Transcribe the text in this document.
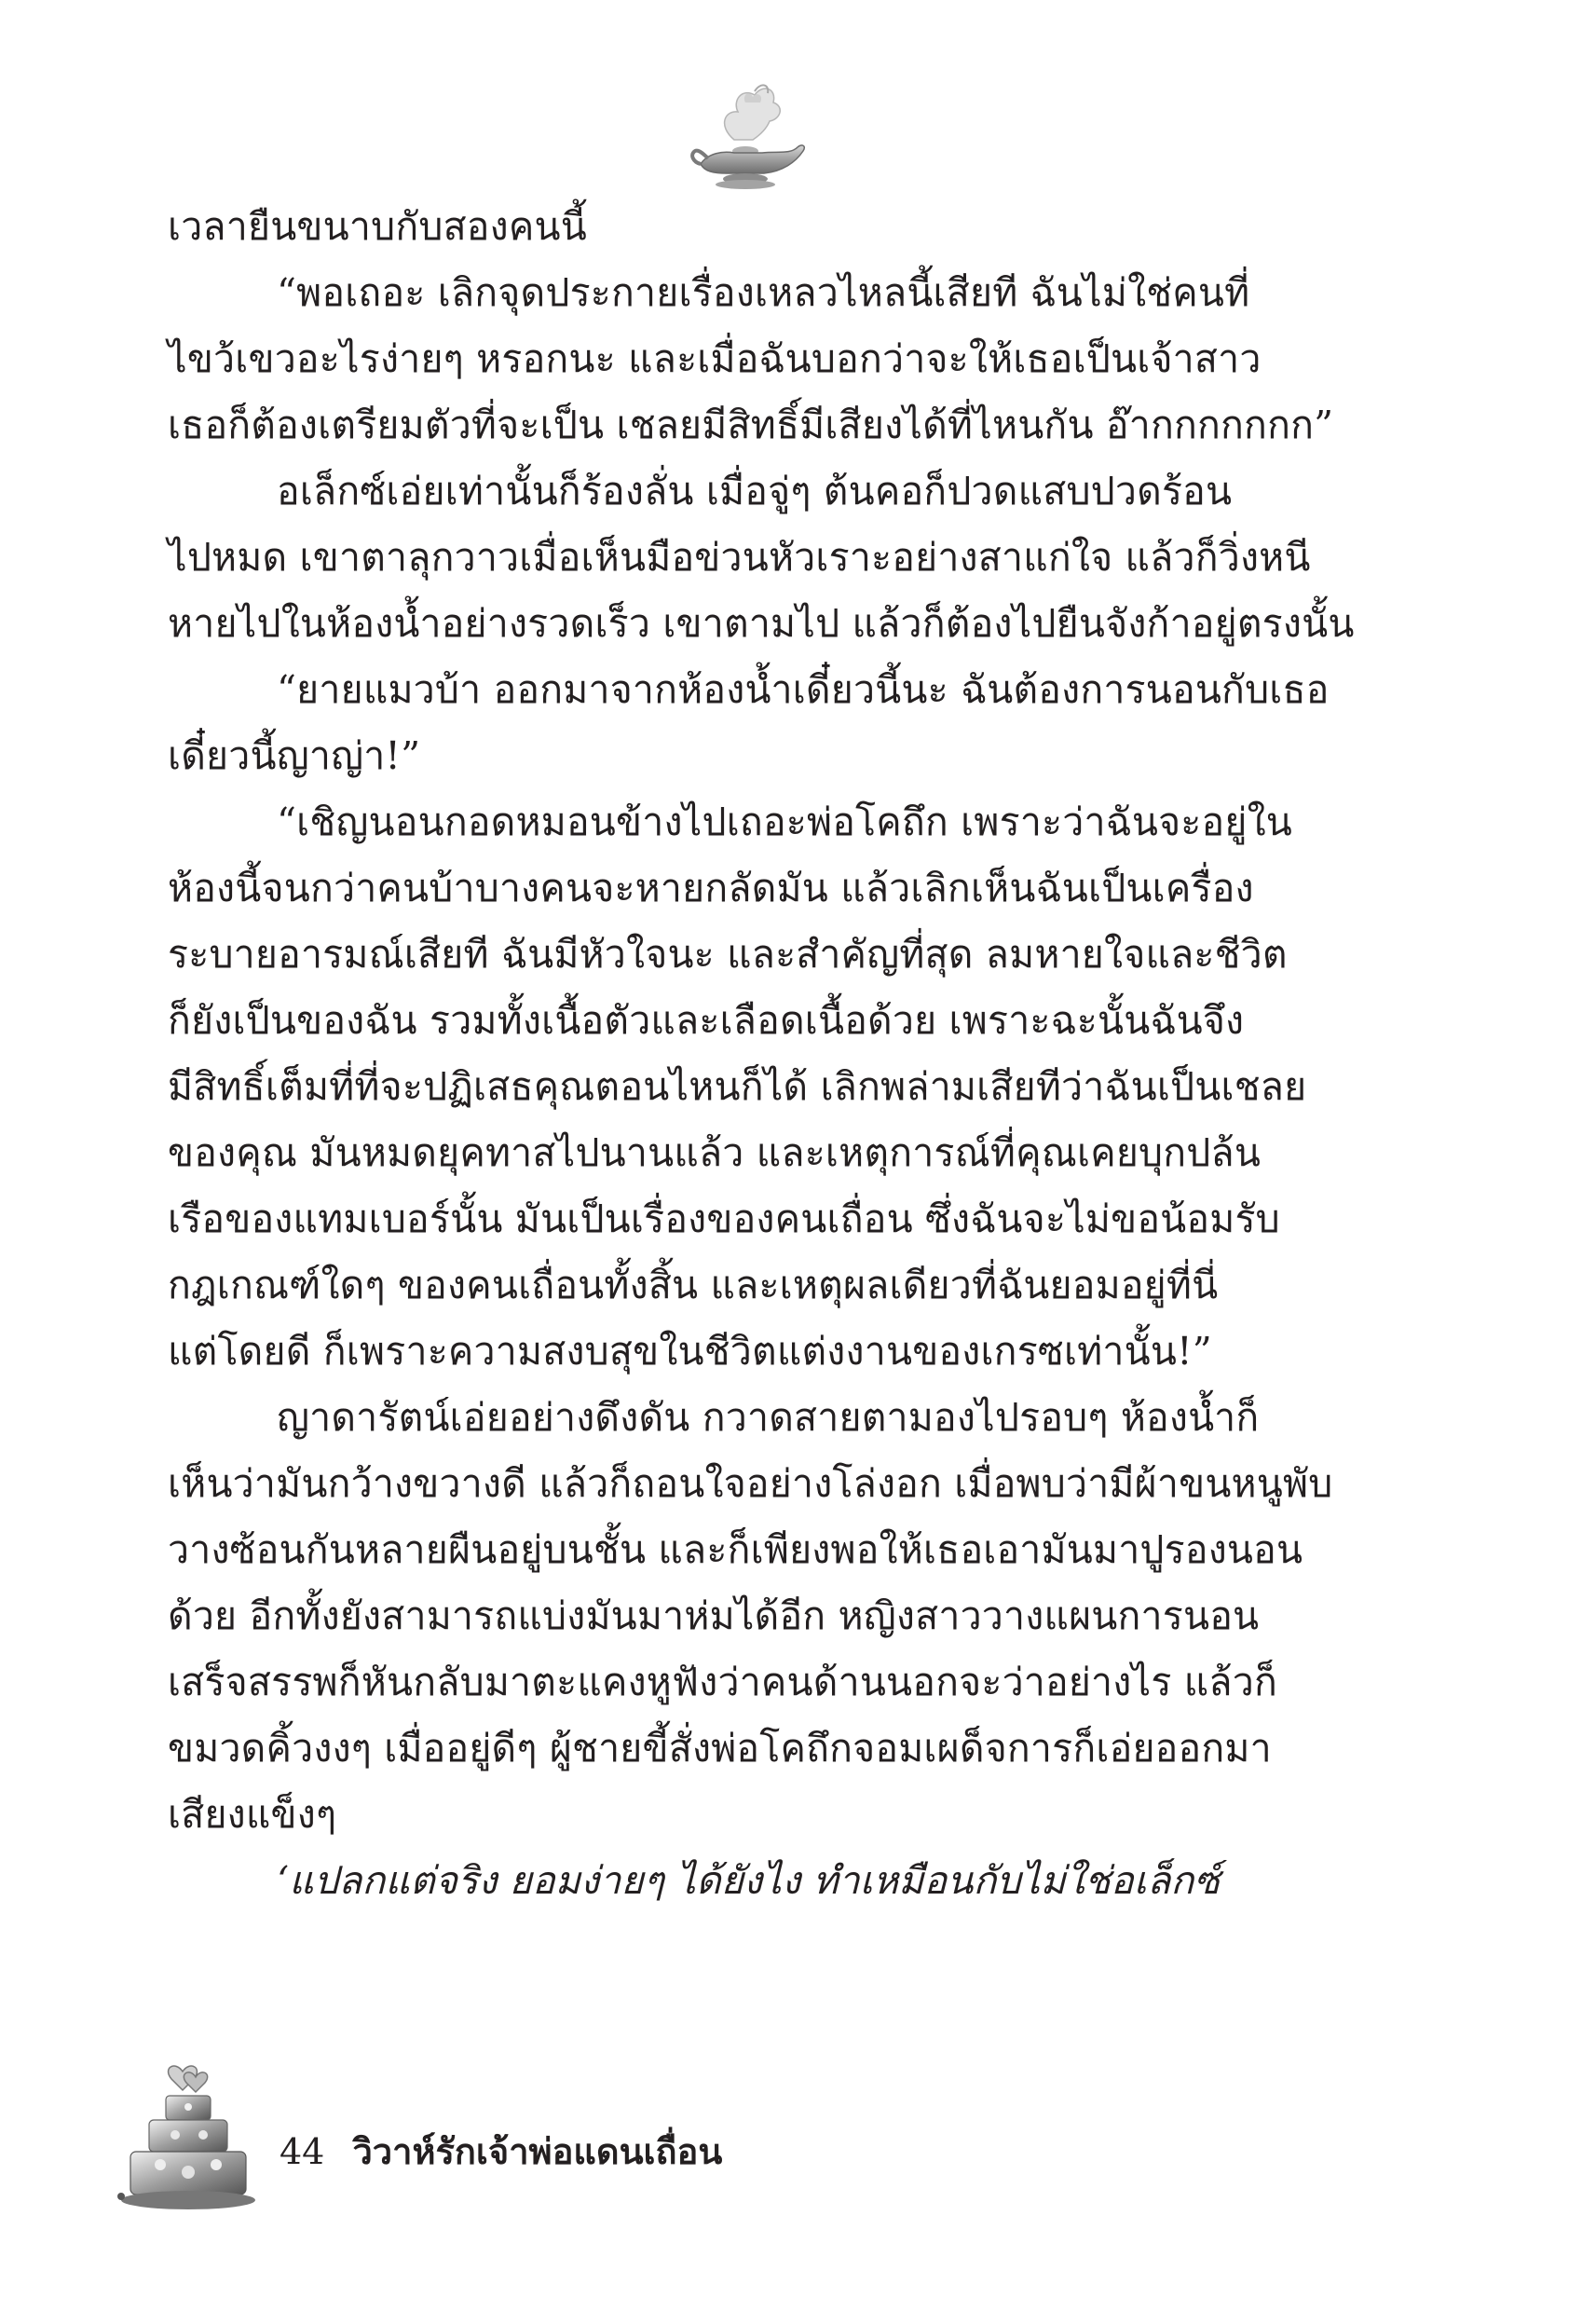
เวลายืนขนาบกับสองคนนี้
“พอเถอะ เลิกจุดประกายเรื่องเหลวไหลนี้เสียที ฉันไม่ใช่คนที่
ไขว้เขวอะไรง่ายๆ หรอกนะ และเมื่อฉันบอกว่าจะให้เธอเป็นเจ้าสาว
เธอก็ต้องเตรียมตัวที่จะเป็น เชลยมีสิทธิ์มีเสียงได้ที่ไหนกัน อ๊ากกกกกกก”
อเล็กซ์เอ่ยเท่านั้นก็ร้องลั่น เมื่อจู่ๆ ต้นคอก็ปวดแสบปวดร้อน
ไปหมด เขาตาลุกวาวเมื่อเห็นมือข่วนหัวเราะอย่างสาแก่ใจ แล้วก็วิ่งหนี
หายไปในห้องน้ำอย่างรวดเร็ว เขาตามไป แล้วก็ต้องไปยืนจังก้าอยู่ตรงนั้น
“ยายแมวบ้า ออกมาจากห้องน้ำเดี๋ยวนี้นะ ฉันต้องการนอนกับเธอ
เดี๋ยวนี้ญาญ่า!”
“เชิญนอนกอดหมอนข้างไปเถอะพ่อโคถึก เพราะว่าฉันจะอยู่ใน
ห้องนี้จนกว่าคนบ้าบางคนจะหายกลัดมัน แล้วเลิกเห็นฉันเป็นเครื่อง
ระบายอารมณ์เสียที ฉันมีหัวใจนะ และสำคัญที่สุด ลมหายใจและชีวิต
ก็ยังเป็นของฉัน รวมทั้งเนื้อตัวและเลือดเนื้อด้วย เพราะฉะนั้นฉันจึง
มีสิทธิ์เต็มที่ที่จะปฏิเสธคุณตอนไหนก็ได้ เลิกพล่ามเสียทีว่าฉันเป็นเชลย
ของคุณ มันหมดยุคทาสไปนานแล้ว และเหตุการณ์ที่คุณเคยบุกปล้น
เรือของแทมเบอร์นั้น มันเป็นเรื่องของคนเถื่อน ซึ่งฉันจะไม่ขอน้อมรับ
กฎเกณฑ์ใดๆ ของคนเถื่อนทั้งสิ้น และเหตุผลเดียวที่ฉันยอมอยู่ที่นี่
แต่โดยดี ก็เพราะความสงบสุขในชีวิตแต่งงานของเกรซเท่านั้น!”
ญาดารัตน์เอ่ยอย่างดึงดัน กวาดสายตามองไปรอบๆ ห้องน้ำก็
เห็นว่ามันกว้างขวางดี แล้วก็ถอนใจอย่างโล่งอก เมื่อพบว่ามีผ้าขนหนูพับ
วางซ้อนกันหลายผืนอยู่บนชั้น และก็เพียงพอให้เธอเอามันมาปูรองนอน
ด้วย อีกทั้งยังสามารถแบ่งมันมาห่มได้อีก หญิงสาววางแผนการนอน
เสร็จสรรพก็หันกลับมาตะแคงหูฟังว่าคนด้านนอกจะว่าอย่างไร แล้วก็
ขมวดคิ้วงงๆ เมื่ออยู่ดีๆ ผู้ชายขี้สั่งพ่อโคถึกจอมเผด็จการก็เอ่ยออกมา
เสียงแข็งๆ
‘แปลกแต่จริง ยอมง่ายๆ ได้ยังไง ทำเหมือนกับไม่ใช่อเล็กซ์
44 วิวาห์รักเจ้าพ่อแดนเถื่อน
